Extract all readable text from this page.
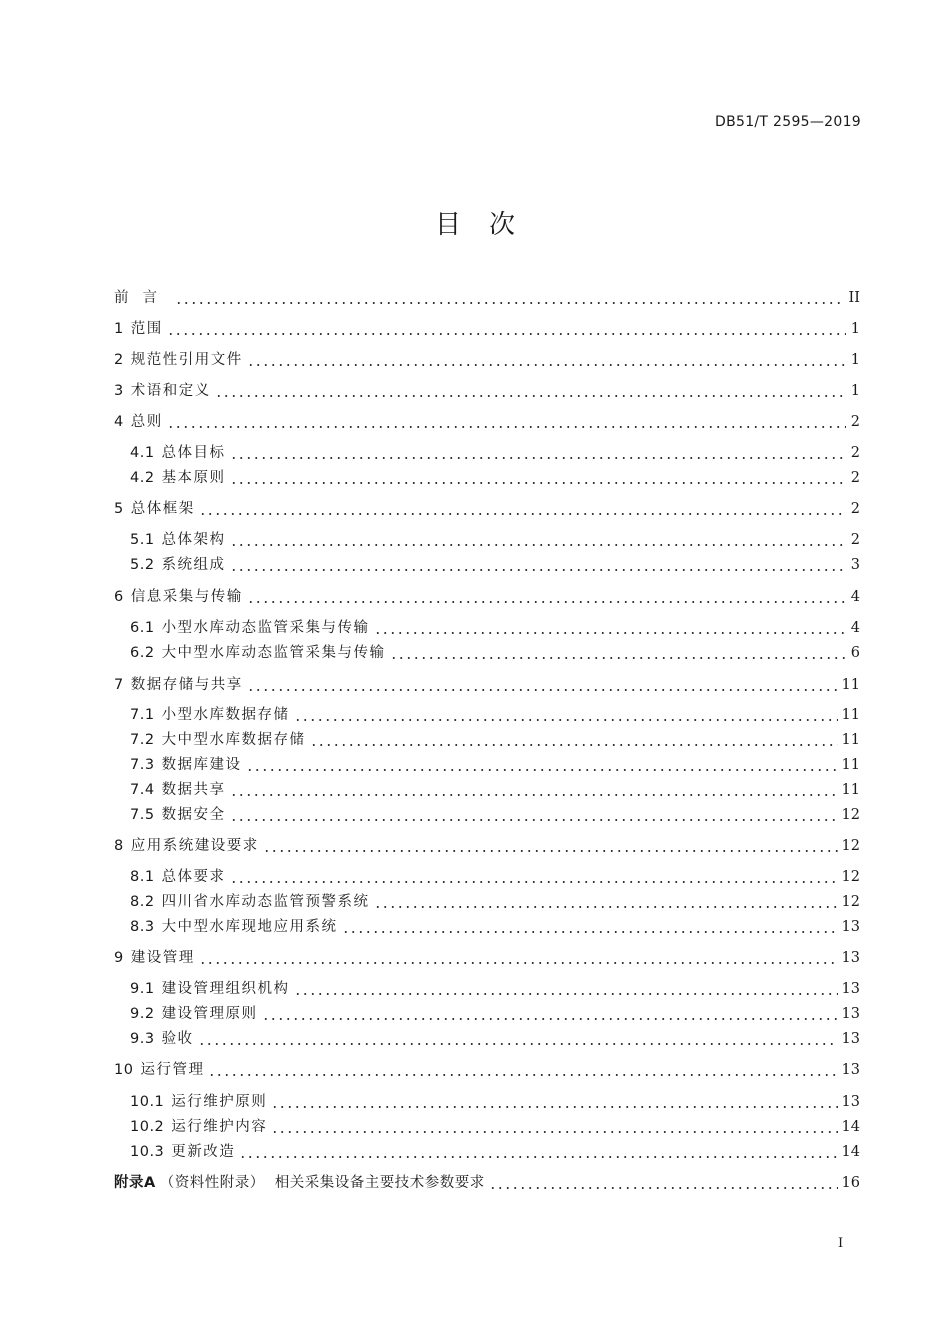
DB51/T 2595—2019
目次
前言	II
1 范围	1
2 规范性引用文件	1
3 术语和定义	1
4 总则	2
4.1 总体目标	2
4.2 基本原则	2
5 总体框架	2
5.1 总体架构	2
5.2 系统组成	3
6 信息采集与传输	4
6.1 小型水库动态监管采集与传输	4
6.2 大中型水库动态监管采集与传输	6
7 数据存储与共享	11
7.1 小型水库数据存储	11
7.2 大中型水库数据存储	11
7.3 数据库建设	11
7.4 数据共享	11
7.5 数据安全	12
8 应用系统建设要求	12
8.1 总体要求	12
8.2 四川省水库动态监管预警系统	12
8.3 大中型水库现地应用系统	13
9 建设管理	13
9.1 建设管理组织机构	13
9.2 建设管理原则	13
9.3 验收	13
10 运行管理	13
10.1 运行维护原则	13
10.2 运行维护内容	14
10.3 更新改造	14
附录A （资料性附录） 相关采集设备主要技术参数要求	16
I
